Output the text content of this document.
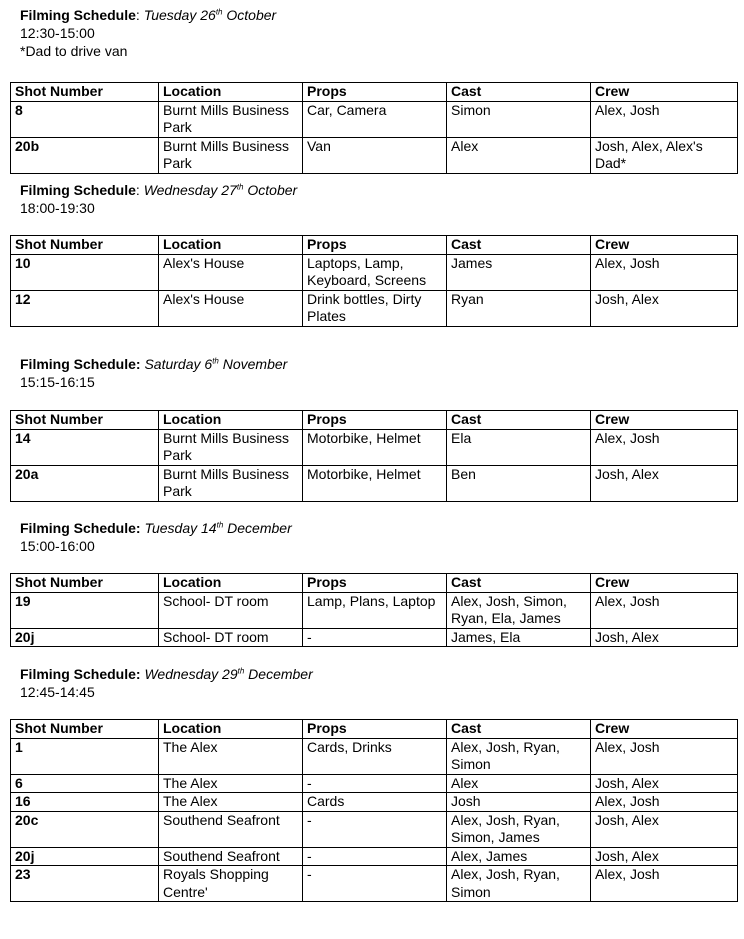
Filming Schedule: Tuesday 26th October
12:30-15:00
*Dad to drive van
Shot Number	Location	Props	Cast	Crew
8	Burnt Mills Business Park	Car, Camera	Simon	Alex, Josh
20b	Burnt Mills Business Park	Van	Alex	Josh, Alex, Alex's Dad*
Filming Schedule: Wednesday 27th October
18:00-19:30
Shot Number	Location	Props	Cast	Crew
10	Alex's House	Laptops, Lamp, Keyboard, Screens	James	Alex, Josh
12	Alex's House	Drink bottles, Dirty Plates	Ryan	Josh, Alex
Filming Schedule: Saturday 6th November
15:15-16:15
Shot Number	Location	Props	Cast	Crew
14	Burnt Mills Business Park	Motorbike, Helmet	Ela	Alex, Josh
20a	Burnt Mills Business Park	Motorbike, Helmet	Ben	Josh, Alex
Filming Schedule: Tuesday 14th December
15:00-16:00
Shot Number	Location	Props	Cast	Crew
19	School- DT room	Lamp, Plans, Laptop	Alex, Josh, Simon, Ryan, Ela, James	Alex, Josh
20j	School- DT room	-	James, Ela	Josh, Alex
Filming Schedule: Wednesday 29th December
12:45-14:45
Shot Number	Location	Props	Cast	Crew
1	The Alex	Cards, Drinks	Alex, Josh, Ryan, Simon	Alex, Josh
6	The Alex	-	Alex	Josh, Alex
16	The Alex	Cards	Josh	Alex, Josh
20c	Southend Seafront	-	Alex, Josh, Ryan, Simon, James	Josh, Alex
20j	Southend Seafront	-	Alex, James	Josh, Alex
23	Royals Shopping Centre'	-	Alex, Josh, Ryan, Simon	Alex, Josh
